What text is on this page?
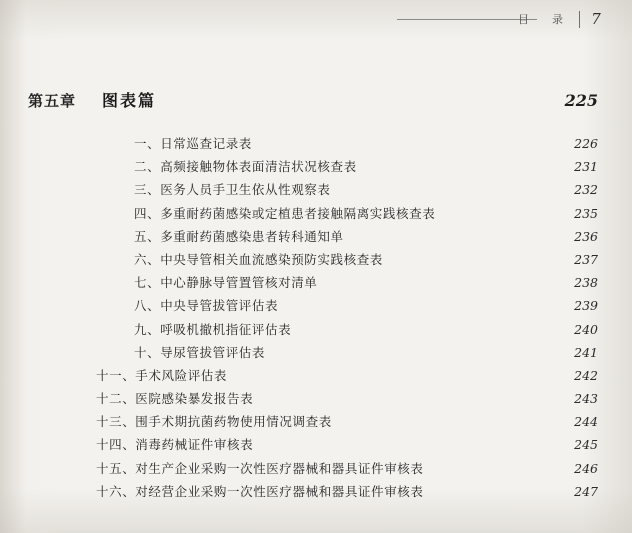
目　录 7
第五章 图表篇	225
一、日常巡查记录表	226
二、高频接触物体表面清洁状况核查表	231
三、医务人员手卫生依从性观察表	232
四、多重耐药菌感染或定植患者接触隔离实践核查表	235
五、多重耐药菌感染患者转科通知单	236
六、中央导管相关血流感染预防实践核查表	237
七、中心静脉导管置管核对清单	238
八、中央导管拔管评估表	239
九、呼吸机撤机指征评估表	240
十、导尿管拔管评估表	241
十一、手术风险评估表	242
十二、医院感染暴发报告表	243
十三、围手术期抗菌药物使用情况调查表	244
十四、消毒药械证件审核表	245
十五、对生产企业采购一次性医疗器械和器具证件审核表	246
十六、对经营企业采购一次性医疗器械和器具证件审核表	247
